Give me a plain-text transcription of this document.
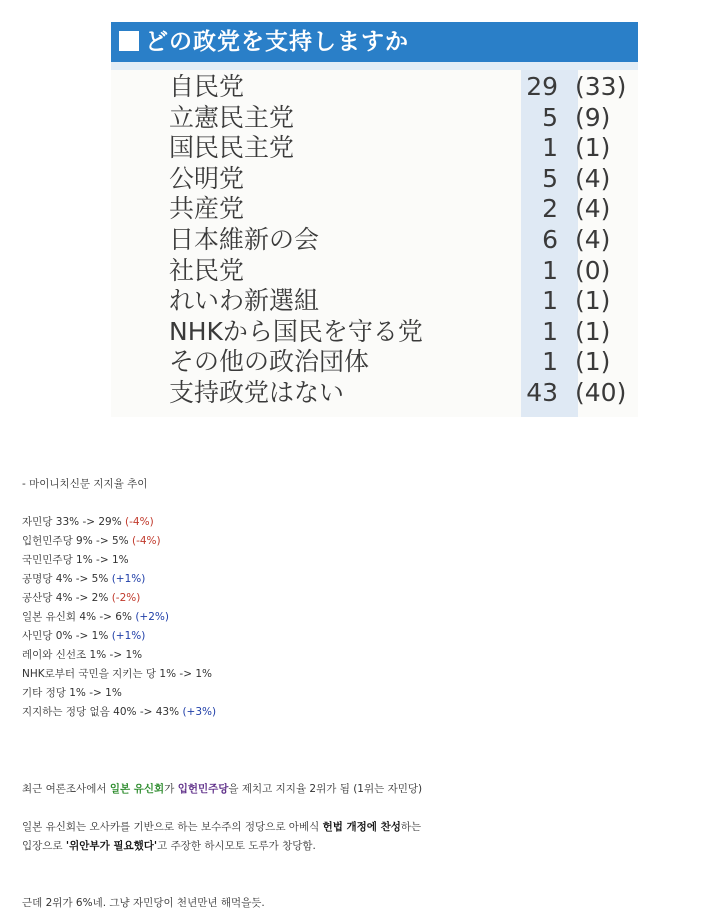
どの政党を支持しますか
自民党	29 (33)
立憲民主党	5 (9)
国民民主党	1 (1)
公明党	5 (4)
共産党	2 (4)
日本維新の会	6 (4)
社民党	1 (0)
れいわ新選組	1 (1)
NHKから国民を守る党	1 (1)
その他の政治団体	1 (1)
支持政党はない	43 (40)
- 마이니치신문 지지율 추이
자민당 33% -> 29% (-4%)
입헌민주당 9% -> 5% (-4%)
국민민주당 1% -> 1%
공명당 4% -> 5% (+1%)
공산당 4% -> 2% (-2%)
일본 유신회 4% -> 6% (+2%)
사민당 0% -> 1% (+1%)
레이와 신선조 1% -> 1%
NHK로부터 국민을 지키는 당 1% -> 1%
기타 정당 1% -> 1%
지지하는 정당 없음 40% -> 43% (+3%)
최근 여론조사에서 일본 유신회가 입헌민주당을 제치고 지지율 2위가 됨 (1위는 자민당)
일본 유신회는 오사카를 기반으로 하는 보수주의 정당으로 아베식 헌법 개정에 찬성하는
입장으로 '위안부가 필요했다'고 주장한 하시모토 도루가 창당함.
근데 2위가 6%네. 그냥 자민당이 천년만년 해먹을듯.
